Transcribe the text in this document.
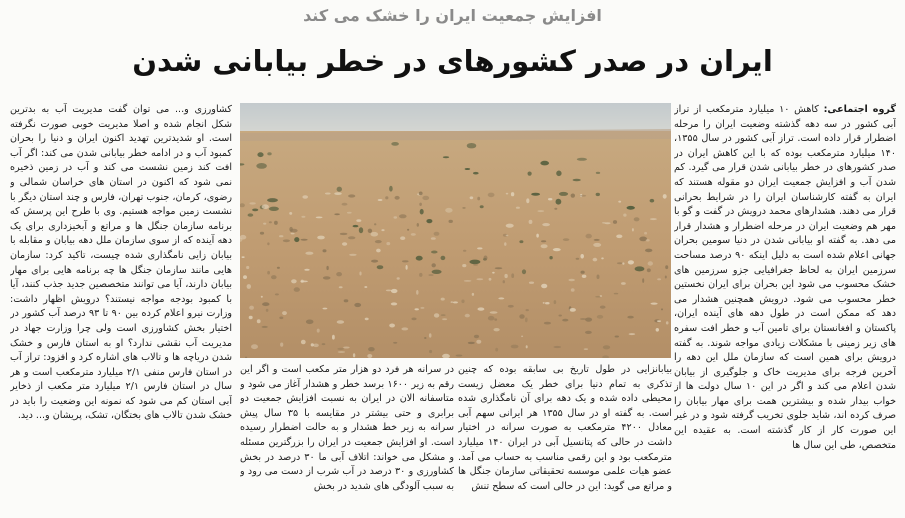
افزایش جمعیت ایران را خشک می کند
ایران در صدر کشورهای در خطر بیابانی شدن

گروه اجتماعی: کاهش ۱۰ میلیارد مترمکعب از تراز آبی کشور در سه دهه گذشته وضعیت ایران را مرحله اضطرار قرار داده است. تراز آبی کشور در سال ۱۳۵۵، ۱۴۰ میلیارد مترمکعب بوده که با این کاهش ایران در صدر کشورهای در خطر بیابانی شدن قرار می گیرد. کم شدن آب و افزایش جمعیت ایران دو مقوله هستند که ایران به گفته کارشناسان ایران را در شرایط بحرانی قرار می دهند. هشدارهای محمد درویش در گفت و گو با مهر هم وضعیت ایران در مرحله اضطرار و هشدار قرار می دهد. به گفته او بیابانی شدن در دنیا سومین بحران جهانی اعلام شده است به دلیل اینکه ۹۰ درصد مساحت سرزمین ایران به لحاظ جغرافیایی جزو سرزمین های خشک محسوب می شود این بحران برای ایران نخستین خطر محسوب می شود. درویش همچنین هشدار می دهد که ممکن است در طول دهه های آینده ایران، پاکستان و افغانستان برای تامین آب و خطر افت سفره های زیر زمینی با مشکلات زیادی مواجه شوند. به گفته درویش برای همین است که سازمان ملل این دهه را آخرین فرجه برای مدیریت خاک و جلوگیری از بیابان شدن اعلام می کند و اگر در این ۱۰ سال دولت ها از خواب بیدار شده و بیشترین همت برای مهار بیابان را صرف کرده اند، شاید جلوی تخریب گرفته شود و در غیر این صورت کار از کار گذشته است. به عقیده این متخصص، طی این سال ها

بیابانزایی در طول تاریخ بی سابقه بوده که چنین تذکری به تمام دنیا برای خطر یک معضل زیست محیطی داده شده و یک دهه برای آن نامگذاری شده است. به گفته او در سال ۱۳۵۵ هر ایرانی سهم آبی معادل ۴۲۰۰ مترمکعب به صورت سرانه در اختیار داشت در حالی که پتانسیل آبی در ایران ۱۴۰ میلیارد مترمکعب بود و این رقمی مناسب به حساب می آمد. عضو هیات علمی موسسه تحقیقاتی سازمان جنگل ها و مراتع می گوید: این در حالی است که سطح تنش

در سرانه هر فرد دو هزار متر مکعب است و اگر این رقم به زیر ۱۶۰۰ برسد خطر و هشدار آغاز می شود و متاسفانه الان در ایران به نسبت افزایش جمعیت دو برابری و حتی بیشتر در مقایسه با ۳۵ سال پیش سرانه به زیر خط هشدار و به حالت اضطرار رسیده است. او افزایش جمعیت در ایران را بزرگترین مسئله و مشکل می خواند: اتلاف آبی ما ۳۰ درصد در بخش کشاورزی و ۳۰ درصد در آب شرب از دست می رود و به سبب آلودگی های شدید در بخش

کشاورزی و... می توان گفت مدیریت آب به بدترین شکل انجام شده و اصلا مدیریت خوبی صورت نگرفته است. او شدیدترین تهدید اکنون ایران و دنیا را بحران کمبود آب و در ادامه خطر بیابانی شدن می کند: اگر آب افت کند زمین نشست می کند و آب در زمین ذخیره نمی شود که اکنون در استان های خراسان شمالی و رضوی، کرمان، جنوب تهران، فارس و چند استان دیگر با نشست زمین مواجه هستیم. وی با طرح این پرسش که برنامه سازمان جنگل ها و مراتع و آبخیزداری برای یک دهه آینده که از سوی سازمان ملل دهه بیابان و مقابله با بیابان زایی نامگذاری شده چیست، تاکید کرد: سازمان هایی مانند سازمان جنگل ها چه برنامه هایی برای مهار بیابان دارند، آیا می توانند متخصصین جدید جذب کنند، آیا با کمبود بودجه مواجه نیستند؟ درویش اظهار داشت: وزارت نیرو اعلام کرده بین ۹۰ تا ۹۳ درصد آب کشور در اختیار بخش کشاورزی است ولی چرا وزارت جهاد در مدیریت آب نقشی ندارد؟ او به استان فارس و خشک شدن دریاچه ها و تالاب های اشاره کرد و افزود: تراز آب در استان فارس منفی ۲/۱ میلیارد مترمکعب است و هر سال در استان فارس ۲/۱ میلیارد متر مکعب از ذخایر آبی استان کم می شود که نمونه این وضعیت را باید در خشک شدن تالاب های بختگان، تشک، پریشان و... دید.
